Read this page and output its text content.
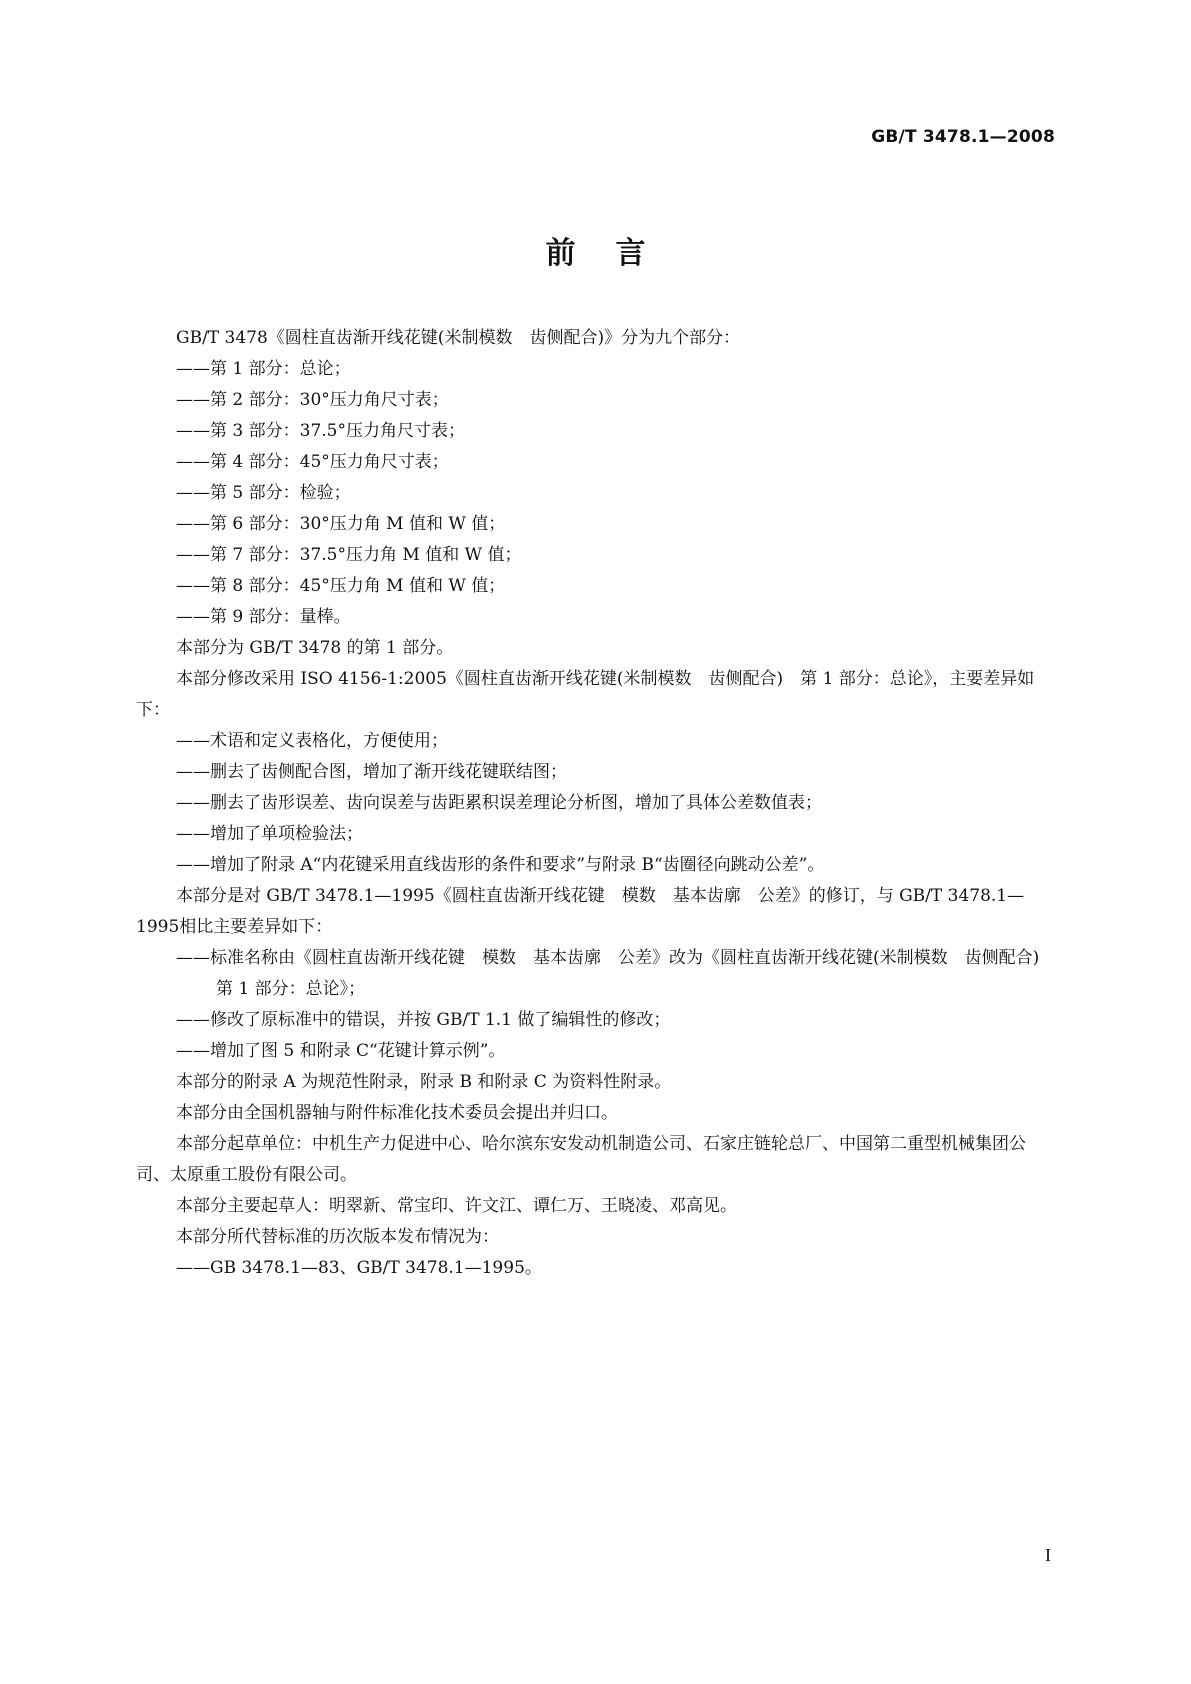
GB/T 3478.1—2008

前言

GB/T 3478《圆柱直齿渐开线花键(米制模数　齿侧配合)》分为九个部分：

——第 1 部分：总论；

——第 2 部分：30°压力角尺寸表；

——第 3 部分：37.5°压力角尺寸表；

——第 4 部分：45°压力角尺寸表；

——第 5 部分：检验；

——第 6 部分：30°压力角 M 值和 W 值；

——第 7 部分：37.5°压力角 M 值和 W 值；

——第 8 部分：45°压力角 M 值和 W 值；

——第 9 部分：量棒。

本部分为 GB/T 3478 的第 1 部分。

本部分修改采用 ISO 4156-1:2005《圆柱直齿渐开线花键(米制模数　齿侧配合)　第 1 部分：总论》，主要差异如下：

——术语和定义表格化，方便使用；

——删去了齿侧配合图，增加了渐开线花键联结图；

——删去了齿形误差、齿向误差与齿距累积误差理论分析图，增加了具体公差数值表；

——增加了单项检验法；

——增加了附录 A“内花键采用直线齿形的条件和要求”与附录 B“齿圈径向跳动公差”。

本部分是对 GB/T 3478.1—1995《圆柱直齿渐开线花键　模数　基本齿廓　公差》的修订，与 GB/T 3478.1—1995相比主要差异如下：

——标准名称由《圆柱直齿渐开线花键　模数　基本齿廓　公差》改为《圆柱直齿渐开线花键(米制模数　齿侧配合)　第 1 部分：总论》；

——修改了原标准中的错误，并按 GB/T 1.1 做了编辑性的修改；

——增加了图 5 和附录 C“花键计算示例”。

本部分的附录 A 为规范性附录，附录 B 和附录 C 为资料性附录。

本部分由全国机器轴与附件标准化技术委员会提出并归口。

本部分起草单位：中机生产力促进中心、哈尔滨东安发动机制造公司、石家庄链轮总厂、中国第二重型机械集团公司、太原重工股份有限公司。

本部分主要起草人：明翠新、常宝印、许文江、谭仁万、王晓凌、邓高见。

本部分所代替标准的历次版本发布情况为：

——GB 3478.1—83、GB/T 3478.1—1995。

I
